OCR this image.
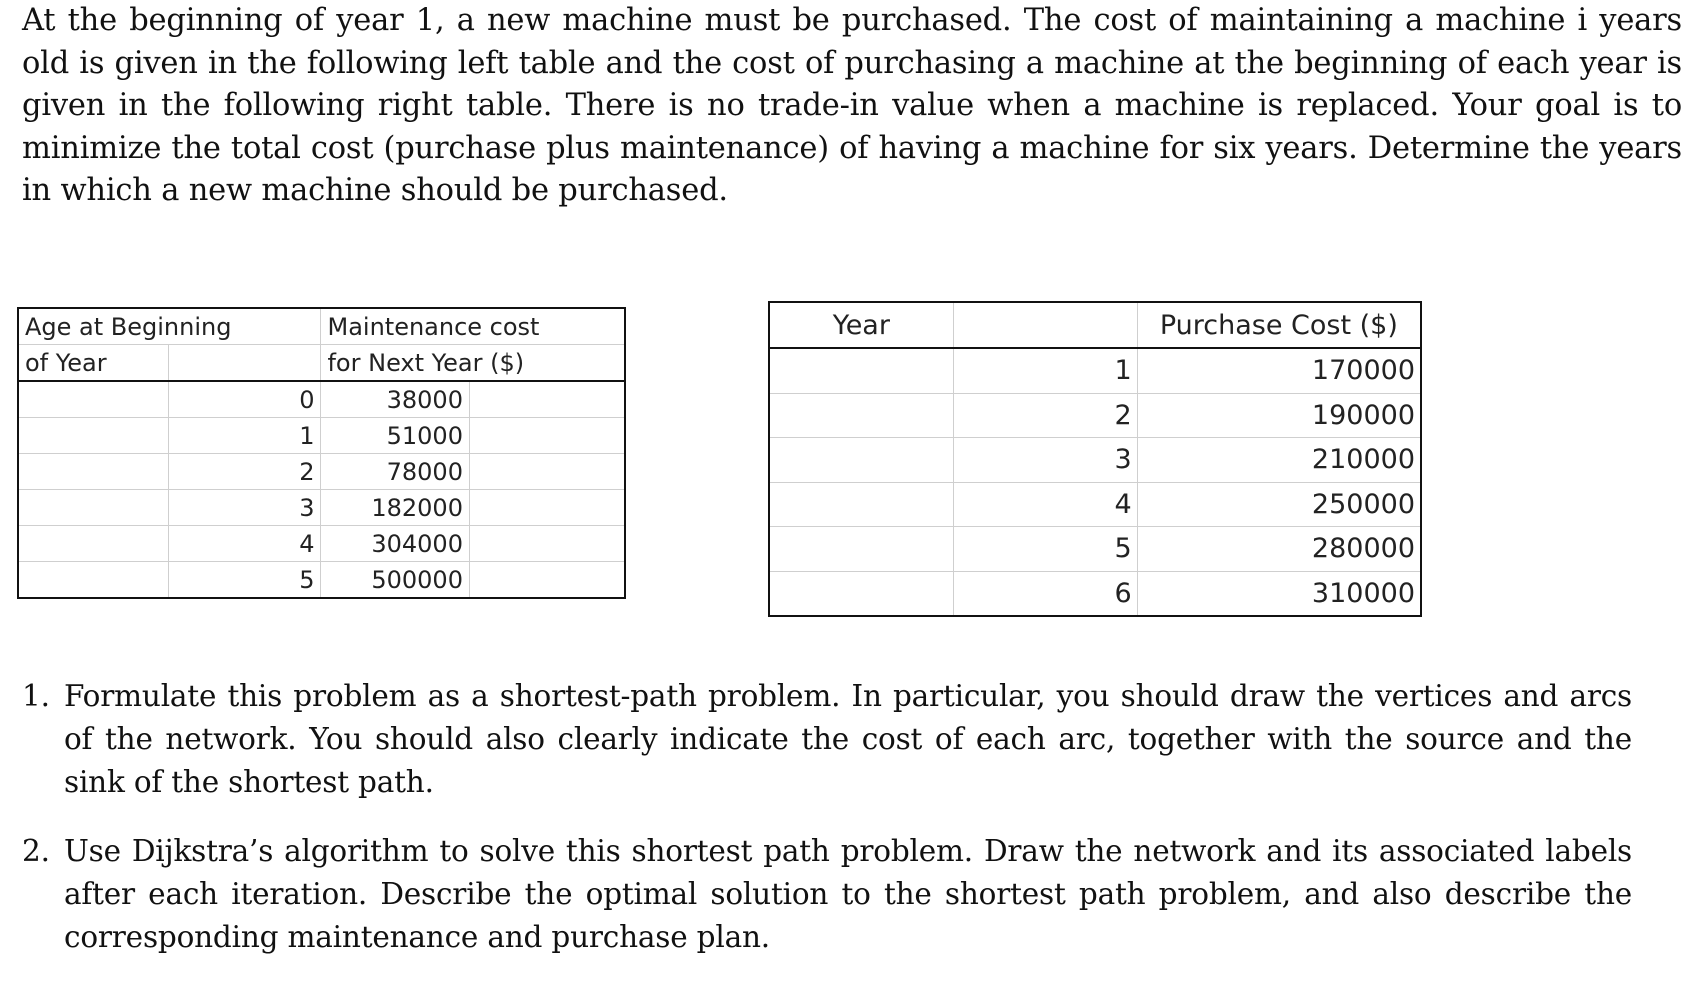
At the beginning of year 1, a new machine must be purchased. The cost of maintaining a machine i years old is given in the following left table and the cost of purchasing a machine at the beginning of each year is given in the following right table. There is no trade-in value when a machine is replaced. Your goal is to minimize the total cost (purchase plus maintenance) of having a machine for six years. Determine the years in which a new machine should be purchased.

Age at Beginning		Maintenance cost	
of Year		for Next Year ($)	
	0	38000	
	1	51000	
	2	78000	
	3	182000	
	4	304000	
	5	500000	
Year		Purchase Cost ($)
	1	170000
	2	190000
	3	210000
	4	250000
	5	280000
	6	310000
1. Formulate this problem as a shortest-path problem. In particular, you should draw the vertices and arcs of the network. You should also clearly indicate the cost of each arc, together with the source and the sink of the shortest path.
2. Use Dijkstra’s algorithm to solve this shortest path problem. Draw the network and its associated labels after each iteration. Describe the optimal solution to the shortest path problem, and also describe the corresponding maintenance and purchase plan.
